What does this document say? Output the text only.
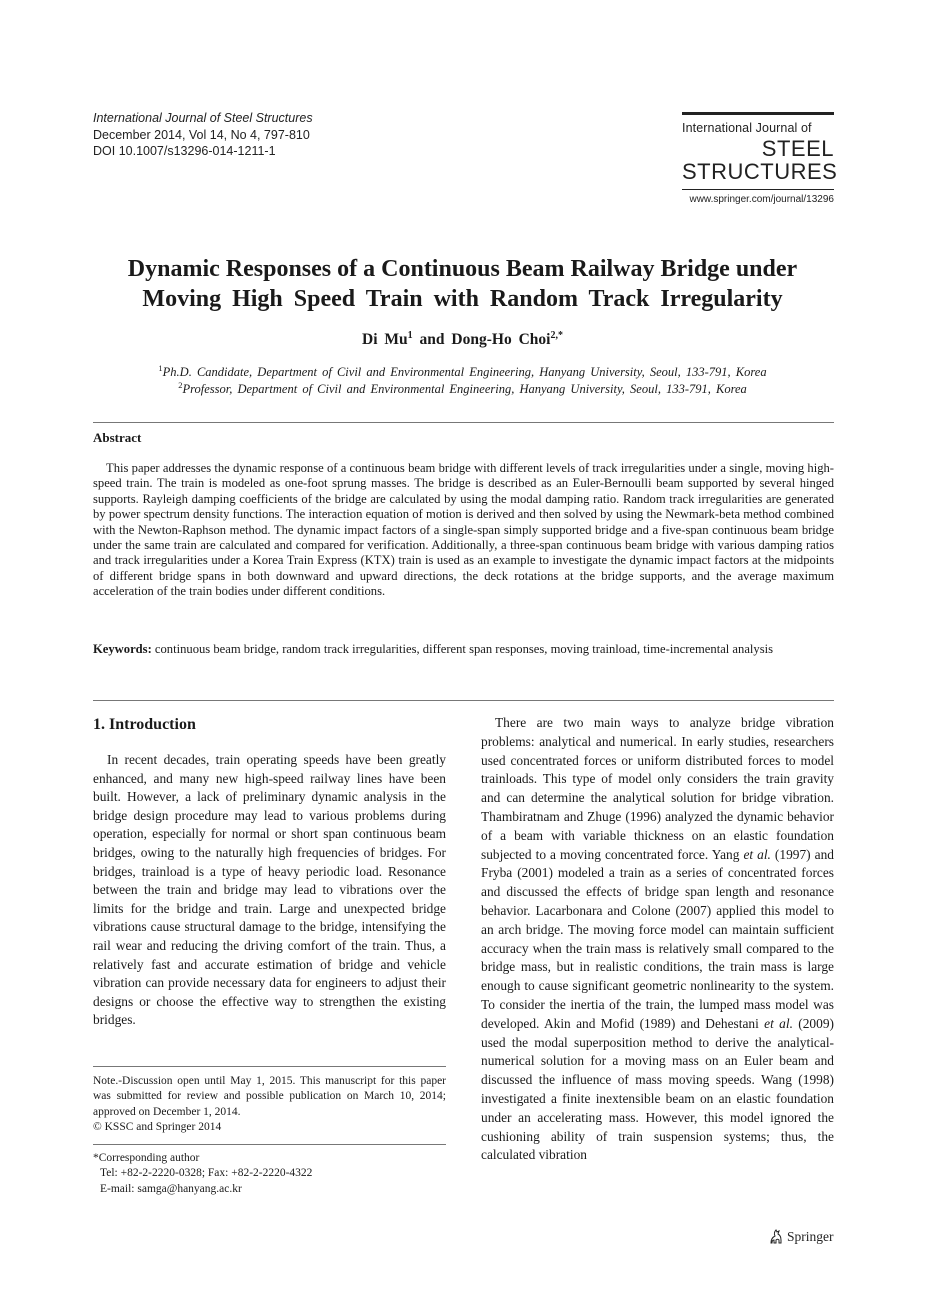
International Journal of Steel Structures
December 2014, Vol 14, No 4, 797-810
DOI 10.1007/s13296-014-1211-1
International Journal of
STEEL
STRUCTURES
www.springer.com/journal/13296
Dynamic Responses of a Continuous Beam Railway Bridge under
Moving High Speed Train with Random Track Irregularity
Di Mu$^1$ and Dong-Ho Choi$^{2,*}$
$^1$Ph.D. Candidate, Department of Civil and Environmental Engineering, Hanyang University, Seoul, 133-791, Korea
$^2$Professor, Department of Civil and Environmental Engineering, Hanyang University, Seoul, 133-791, Korea
Abstract

This paper addresses the dynamic response of a continuous beam bridge with different levels of track irregularities under a single, moving high-speed train. The train is modeled as one-foot sprung masses. The bridge is described as an Euler-Bernoulli beam supported by several hinged supports. Rayleigh damping coefficients of the bridge are calculated by using the modal damping ratio. Random track irregularities are generated by power spectrum density functions. The interaction equation of motion is derived and then solved by using the Newmark-beta method combined with the Newton-Raphson method. The dynamic impact factors of a single-span simply supported bridge and a five-span continuous beam bridge under the same train are calculated and compared for verification. Additionally, a three-span continuous beam bridge with various damping ratios and track irregularities under a Korea Train Express (KTX) train is used as an example to investigate the dynamic impact factors at the midpoints of different bridge spans in both downward and upward directions, the deck rotations at the bridge supports, and the average maximum acceleration of the train bodies under different conditions.

Keywords: continuous beam bridge, random track irregularities, different span responses, moving trainload, time-incremental analysis

1. Introduction

In recent decades, train operating speeds have been greatly enhanced, and many new high-speed railway lines have been built. However, a lack of preliminary dynamic analysis in the bridge design procedure may lead to various problems during operation, especially for normal or short span continuous beam bridges, owing to the naturally high frequencies of bridges. For bridges, trainload is a type of heavy periodic load. Resonance between the train and bridge may lead to vibrations over the limits for the bridge and train. Large and unexpected bridge vibrations cause structural damage to the bridge, intensifying the rail wear and reducing the driving comfort of the train. Thus, a relatively fast and accurate estimation of bridge and vehicle vibration can provide necessary data for engineers to adjust their designs or choose the effective way to strengthen the existing bridges.

There are two main ways to analyze bridge vibration problems: analytical and numerical. In early studies, researchers used concentrated forces or uniform distributed forces to model trainloads. This type of model only considers the train gravity and can determine the analytical solution for bridge vibration. Thambiratnam and Zhuge (1996) analyzed the dynamic behavior of a beam with variable thickness on an elastic foundation subjected to a moving concentrated force. Yang et al. (1997) and Fryba (2001) modeled a train as a series of concentrated forces and discussed the effects of bridge span length and resonance behavior. Lacarbonara and Colone (2007) applied this model to an arch bridge. The moving force model can maintain sufficient accuracy when the train mass is relatively small compared to the bridge mass, but in realistic conditions, the train mass is large enough to cause significant geometric nonlinearity to the system. To consider the inertia of the train, the lumped mass model was developed. Akin and Mofid (1989) and Dehestani et al. (2009) used the modal superposition method to derive the analytical-numerical solution for a moving mass on an Euler beam and discussed the influence of mass moving speeds. Wang (1998) investigated a finite inextensible beam on an elastic foundation under an accelerating mass. However, this model ignored the cushioning ability of train suspension systems; thus, the calculated vibration

Note.-Discussion open until May 1, 2015. This manuscript for this paper was submitted for review and possible publication on March 10, 2014; approved on December 1, 2014.
© KSSC and Springer 2014
*Corresponding author
Tel: +82-2-2220-0328; Fax: +82-2-2220-4322
E-mail: samga@hanyang.ac.kr
Springer
